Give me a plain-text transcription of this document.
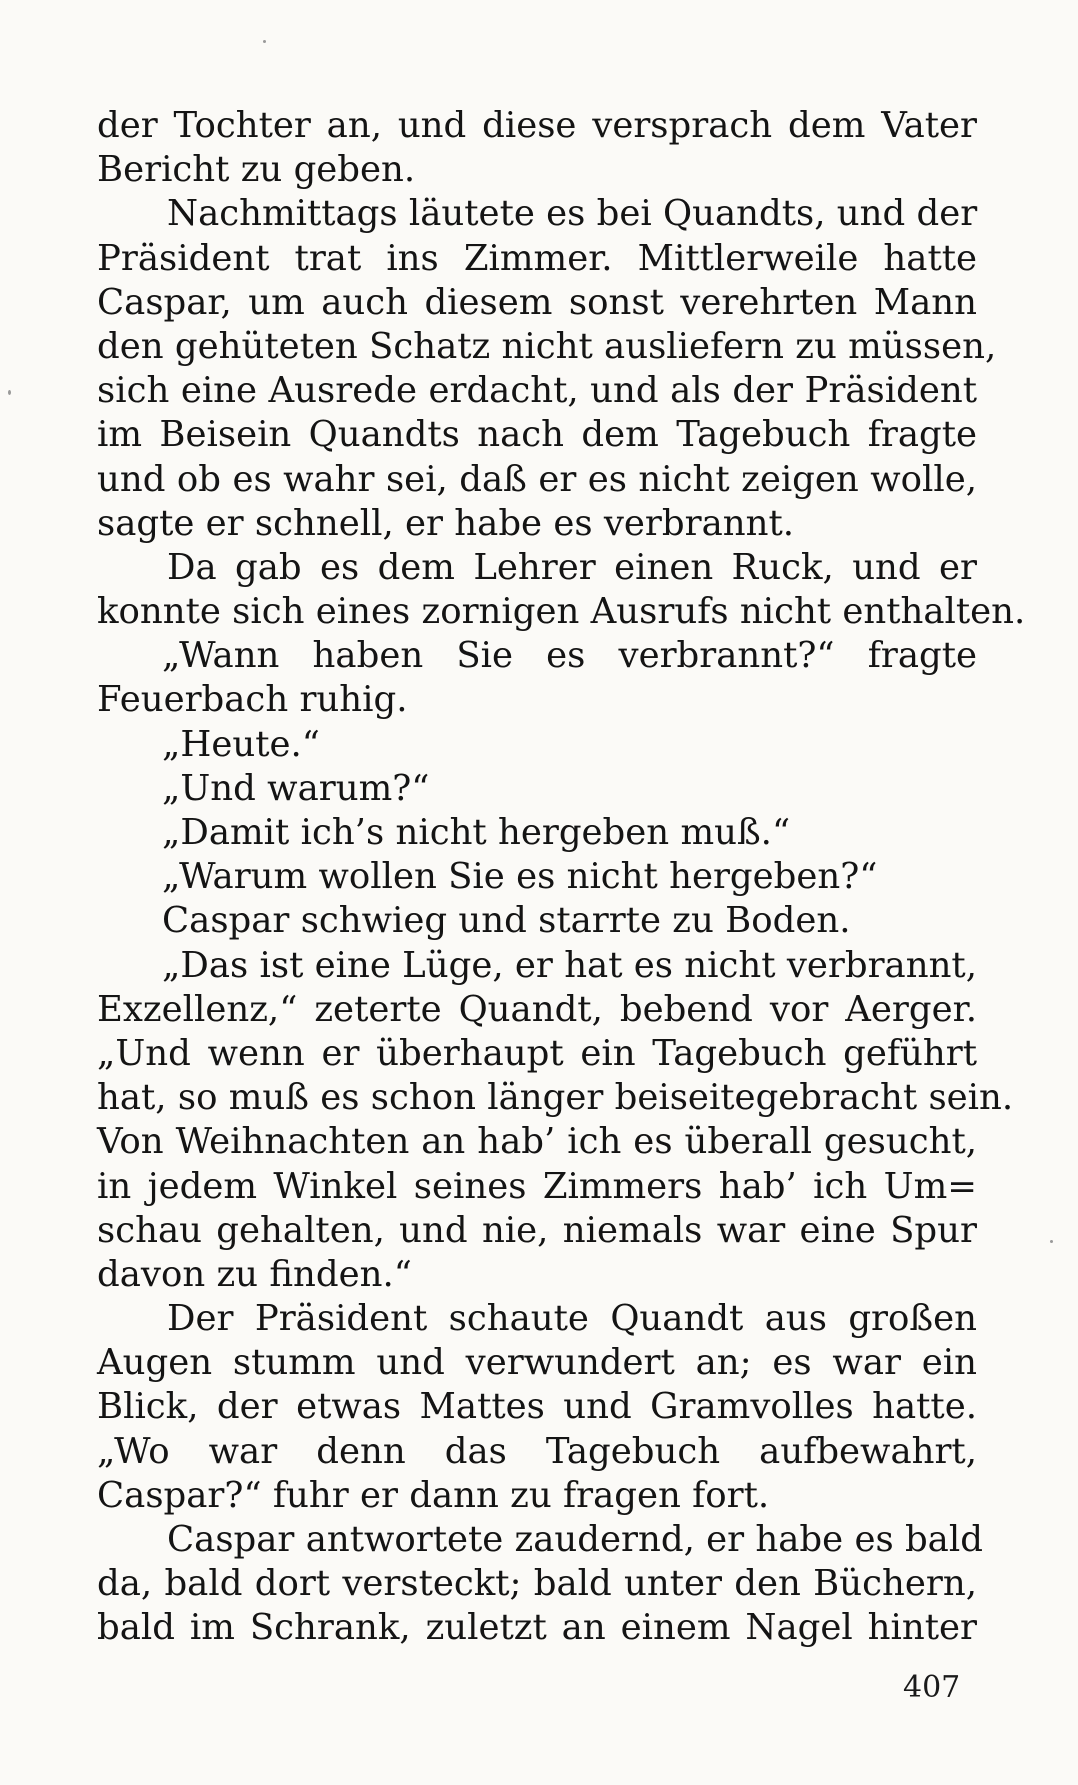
der Tochter an, und diese versprach dem Vater
Bericht zu geben.
Nachmittags läutete es bei Quandts, und der
Präsident trat ins Zimmer. Mittlerweile hatte
Caspar, um auch diesem sonst verehrten Mann
den gehüteten Schatz nicht ausliefern zu müssen,
sich eine Ausrede erdacht, und als der Präsident
im Beisein Quandts nach dem Tagebuch fragte
und ob es wahr sei, daß er es nicht zeigen wolle,
sagte er schnell, er habe es verbrannt.
Da gab es dem Lehrer einen Ruck, und er
konnte sich eines zornigen Ausrufs nicht enthalten.
„Wann haben Sie es verbrannt?“ fragte
Feuerbach ruhig.
„Heute.“
„Und warum?“
„Damit ich’s nicht hergeben muß.“
„Warum wollen Sie es nicht hergeben?“
Caspar schwieg und starrte zu Boden.
„Das ist eine Lüge, er hat es nicht verbrannt,
Exzellenz,“ zeterte Quandt, bebend vor Aerger.
„Und wenn er überhaupt ein Tagebuch geführt
hat, so muß es schon länger beiseitegebracht sein.
Von Weihnachten an hab’ ich es überall gesucht,
in jedem Winkel seines Zimmers hab’ ich Um=
schau gehalten, und nie, niemals war eine Spur
davon zu finden.“
Der Präsident schaute Quandt aus großen
Augen stumm und verwundert an; es war ein
Blick, der etwas Mattes und Gramvolles hatte.
„Wo war denn das Tagebuch aufbewahrt,
Caspar?“ fuhr er dann zu fragen fort.
Caspar antwortete zaudernd, er habe es bald
da, bald dort versteckt; bald unter den Büchern,
bald im Schrank, zuletzt an einem Nagel hinter
407
